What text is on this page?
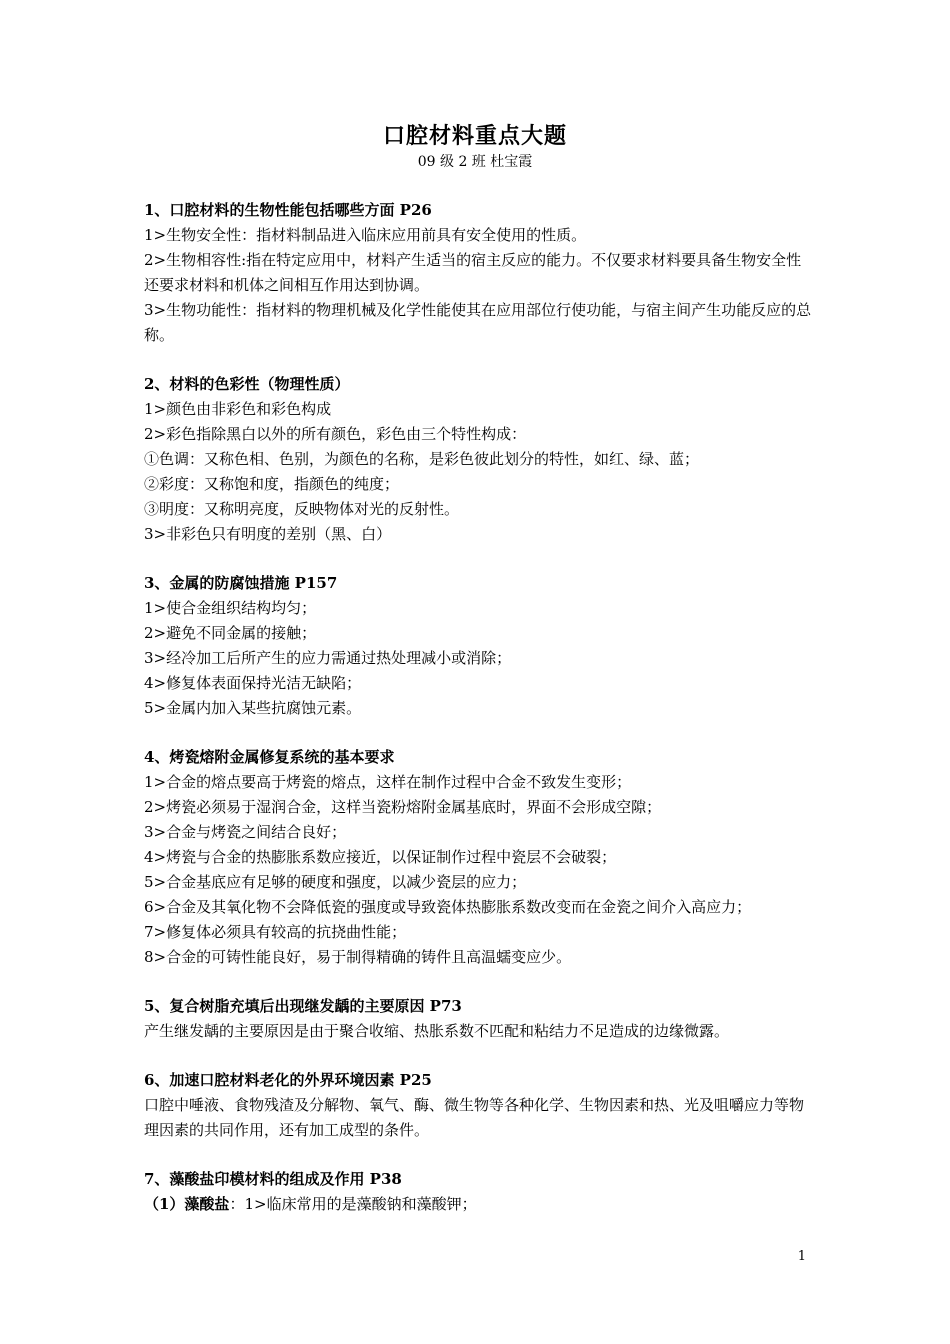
口腔材料重点大题
09 级 2 班 杜宝霞
1、口腔材料的生物性能包括哪些方面 P26
1>生物安全性：指材料制品进入临床应用前具有安全使用的性质。
2>生物相容性:指在特定应用中，材料产生适当的宿主反应的能力。不仅要求材料要具备生物安全性还要求材料和机体之间相互作用达到协调。
3>生物功能性：指材料的物理机械及化学性能使其在应用部位行使功能，与宿主间产生功能反应的总称。
2、材料的色彩性（物理性质）
1>颜色由非彩色和彩色构成
2>彩色指除黑白以外的所有颜色，彩色由三个特性构成：
①色调：又称色相、色别，为颜色的名称，是彩色彼此划分的特性，如红、绿、蓝；
②彩度：又称饱和度，指颜色的纯度；
③明度：又称明亮度，反映物体对光的反射性。
3>非彩色只有明度的差别（黑、白）
3、金属的防腐蚀措施 P157
1>使合金组织结构均匀；
2>避免不同金属的接触；
3>经冷加工后所产生的应力需通过热处理减小或消除；
4>修复体表面保持光洁无缺陷；
5>金属内加入某些抗腐蚀元素。
4、烤瓷熔附金属修复系统的基本要求
1>合金的熔点要高于烤瓷的熔点，这样在制作过程中合金不致发生变形；
2>烤瓷必须易于湿润合金，这样当瓷粉熔附金属基底时，界面不会形成空隙；
3>合金与烤瓷之间结合良好；
4>烤瓷与合金的热膨胀系数应接近，以保证制作过程中瓷层不会破裂；
5>合金基底应有足够的硬度和强度，以减少瓷层的应力；
6>合金及其氧化物不会降低瓷的强度或导致瓷体热膨胀系数改变而在金瓷之间介入高应力；
7>修复体必须具有较高的抗挠曲性能；
8>合金的可铸性能良好，易于制得精确的铸件且高温蠕变应少。
5、复合树脂充填后出现继发龋的主要原因 P73
产生继发龋的主要原因是由于聚合收缩、热胀系数不匹配和粘结力不足造成的边缘微露。
6、加速口腔材料老化的外界环境因素 P25
口腔中唾液、食物残渣及分解物、氧气、酶、微生物等各种化学、生物因素和热、光及咀嚼应力等物理因素的共同作用，还有加工成型的条件。
7、藻酸盐印模材料的组成及作用 P38
（1）藻酸盐：1>临床常用的是藻酸钠和藻酸钾；
1
